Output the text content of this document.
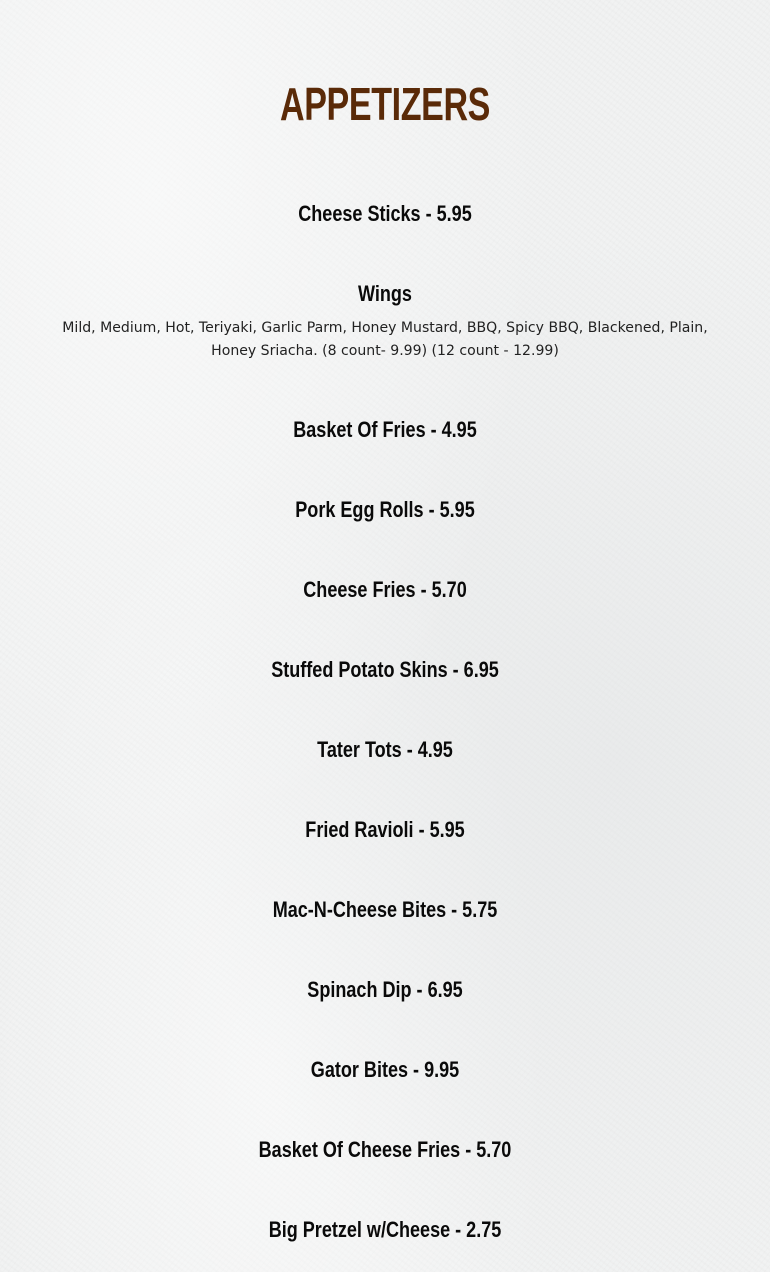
APPETIZERS
Cheese Sticks - 5.95
Wings
Mild, Medium, Hot, Teriyaki, Garlic Parm, Honey Mustard, BBQ, Spicy BBQ, Blackened, Plain, Honey Sriacha. (8 count- 9.99) (12 count - 12.99)
Basket Of Fries - 4.95
Pork Egg Rolls - 5.95
Cheese Fries - 5.70
Stuffed Potato Skins - 6.95
Tater Tots - 4.95
Fried Ravioli - 5.95
Mac-N-Cheese Bites - 5.75
Spinach Dip - 6.95
Gator Bites - 9.95
Basket Of Cheese Fries - 5.70
Big Pretzel w/Cheese - 2.75
